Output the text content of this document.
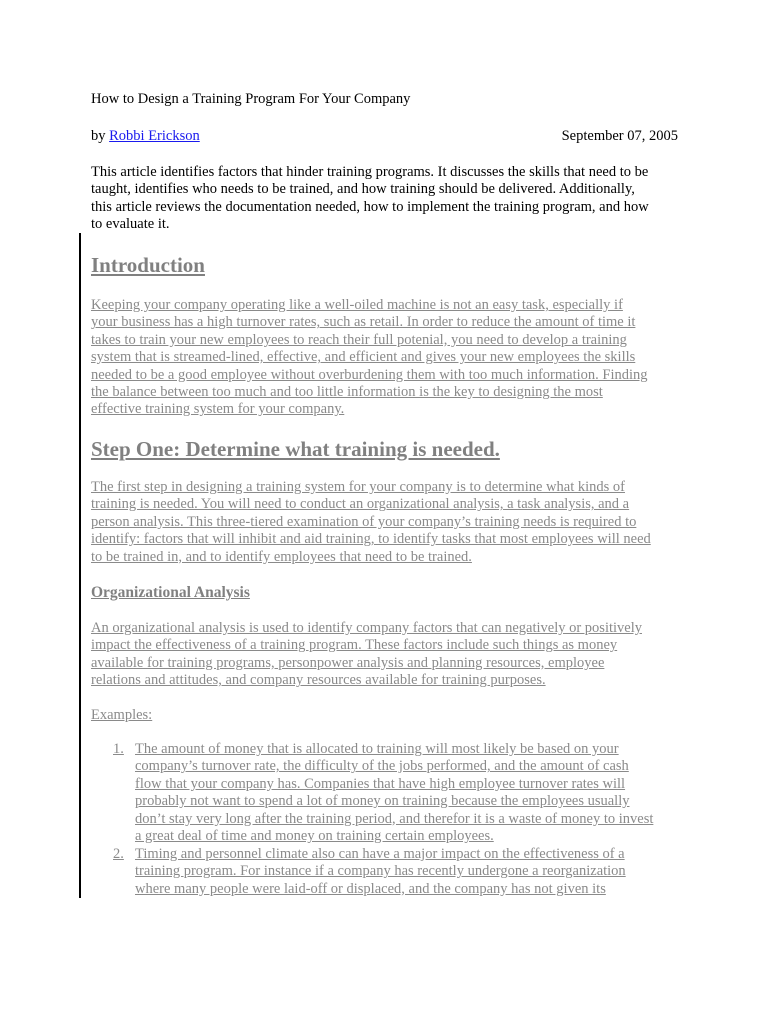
How to Design a Training Program For Your Company
by Robbi Erickson	September 07, 2005
This article identifies factors that hinder training programs. It discusses the skills that need to be
taught, identifies who needs to be trained, and how training should be delivered. Additionally,
this article reviews the documentation needed, how to implement the training program, and how
to evaluate it.
Introduction
Keeping your company operating like a well-oiled machine is not an easy task, especially if
your business has a high turnover rates, such as retail. In order to reduce the amount of time it
takes to train your new employees to reach their full potenial, you need to develop a training
system that is streamed-lined, effective, and efficient and gives your new employees the skills
needed to be a good employee without overburdening them with too much information. Finding
the balance between too much and too little information is the key to designing the most
effective training system for your company.
Step One: Determine what training is needed.
The first step in designing a training system for your company is to determine what kinds of
training is needed. You will need to conduct an organizational analysis, a task analysis, and a
person analysis. This three-tiered examination of your company’s training needs is required to
identify: factors that will inhibit and aid training, to identify tasks that most employees will need
to be trained in, and to identify employees that need to be trained.
Organizational Analysis
An organizational analysis is used to identify company factors that can negatively or positively
impact the effectiveness of a training program. These factors include such things as money
available for training programs, personpower analysis and planning resources, employee
relations and attitudes, and company resources available for training purposes.
Examples:
1. The amount of money that is allocated to training will most likely be based on your
company’s turnover rate, the difficulty of the jobs performed, and the amount of cash
flow that your company has. Companies that have high employee turnover rates will
probably not want to spend a lot of money on training because the employees usually
don’t stay very long after the training period, and therefor it is a waste of money to invest
a great deal of time and money on training certain employees.
2. Timing and personnel climate also can have a major impact on the effectiveness of a
training program. For instance if a company has recently undergone a reorganization
where many people were laid-off or displaced, and the company has not given its
